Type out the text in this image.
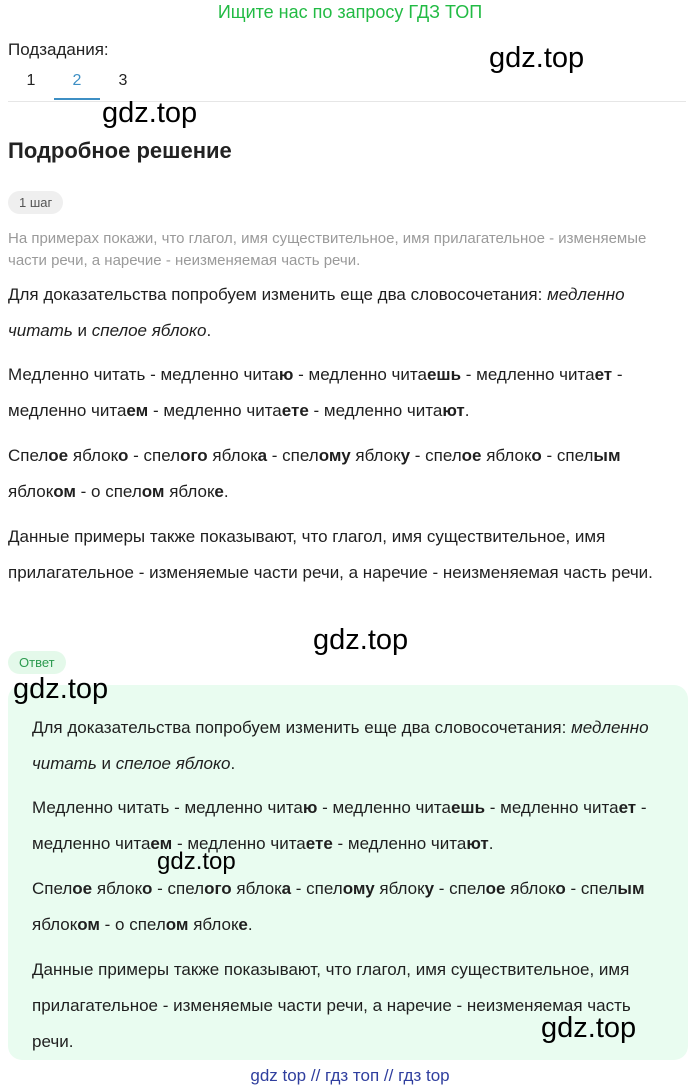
Ищите нас по запросу ГДЗ ТОП
Подзадания:
1	2	3
gdz.top
gdz.top
Подробное решение
1 шаг
На примерах покажи, что глагол, имя существительное, имя прилагательное - изменяемые части речи, а наречие - неизменяемая часть речи.
Для доказательства попробуем изменить еще два словосочетания: медленно читать и спелое яблоко.
Медленно читать - медленно читаю - медленно читаешь - медленно читает - медленно читаем - медленно читаете - медленно читают.
Спелое яблоко - спелого яблока - спелому яблоку - спелое яблоко - спелым яблоком - о спелом яблоке.
Данные примеры также показывают, что глагол, имя существительное, имя прилагательное - изменяемые части речи, а наречие - неизменяемая часть речи.
gdz.top
Ответ
gdz.top
Для доказательства попробуем изменить еще два словосочетания: медленно читать и спелое яблоко.
Медленно читать - медленно читаю - медленно читаешь - медленно читает - медленно читаем - медленно читаете - медленно читают.
gdz.top
Спелое яблоко - спелого яблока - спелому яблоку - спелое яблоко - спелым яблоком - о спелом яблоке.
Данные примеры также показывают, что глагол, имя существительное, имя прилагательное - изменяемые части речи, а наречие - неизменяемая часть речи.	gdz.top
gdz top // гдз топ // гдз top
